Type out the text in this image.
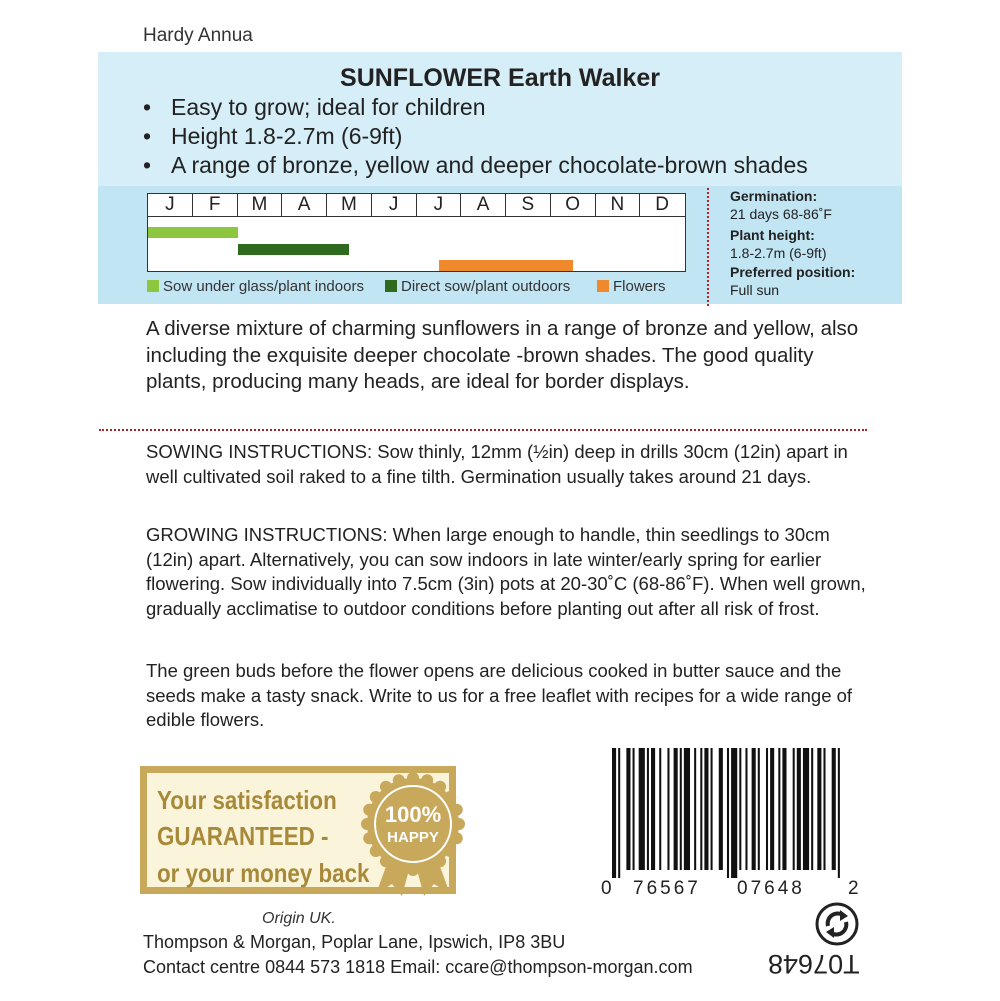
Hardy Annua
SUNFLOWER Earth Walker
• Easy to grow; ideal for children
• Height 1.8-2.7m (6-9ft)
• A range of bronze, yellow and deeper chocolate-brown shades
J	F	M	A	M	J	J	A	S	O	N	D
Sow under glass/plant indoors	Direct sow/plant outdoors	Flowers
Germination:
21 days 68-86˚F
Plant height:
1.8-2.7m (6-9ft)
Preferred position:
Full sun
A diverse mixture of charming sunflowers in a range of bronze and yellow, also including the exquisite deeper chocolate -brown shades. The good quality plants, producing many heads, are ideal for border displays.
SOWING INSTRUCTIONS: Sow thinly, 12mm (½in) deep in drills 30cm (12in) apart in well cultivated soil raked to a fine tilth. Germination usually takes around 21 days.
GROWING INSTRUCTIONS: When large enough to handle, thin seedlings to 30cm (12in) apart. Alternatively, you can sow indoors in late winter/early spring for earlier flowering. Sow individually into 7.5cm (3in) pots at 20-30˚C (68-86˚F). When well grown, gradually acclimatise to outdoor conditions before planting out after all risk of frost.
The green buds before the flower opens are delicious cooked in butter sauce and the seeds make a tasty snack. Write to us for a free leaflet with recipes for a wide range of edible flowers.
Your satisfaction
GUARANTEED -
or your money back
100%
HAPPY
0 76567 07648 2
Origin UK.
Thompson & Morgan, Poplar Lane, Ipswich, IP8 3BU
Contact centre 0844 573 1818 Email: ccare@thompson-morgan.com	T07648
